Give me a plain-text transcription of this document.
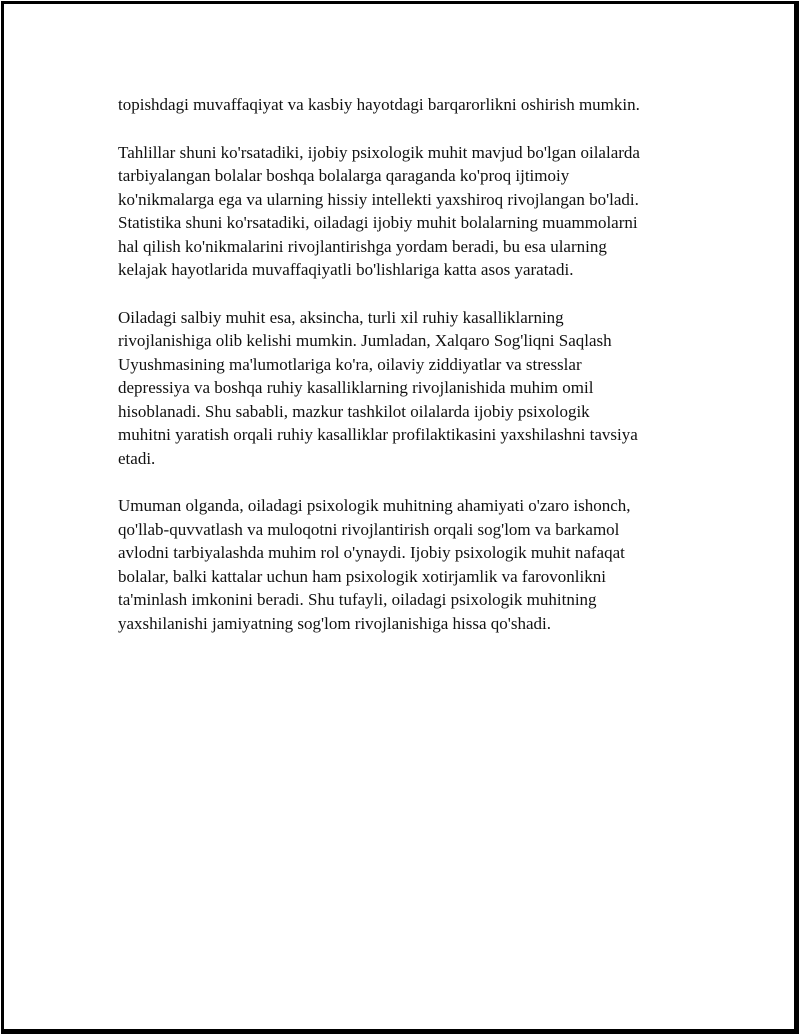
topishdagi muvaffaqiyat va kasbiy hayotdagi barqarorlikni oshirish mumkin.

Tahlillar shuni ko'rsatadiki, ijobiy psixologik muhit mavjud bo'lgan oilalarda
tarbiyalangan bolalar boshqa bolalarga qaraganda ko'proq ijtimoiy
ko'nikmalarga ega va ularning hissiy intellekti yaxshiroq rivojlangan bo'ladi.
Statistika shuni ko'rsatadiki, oiladagi ijobiy muhit bolalarning muammolarni
hal qilish ko'nikmalarini rivojlantirishga yordam beradi, bu esa ularning
kelajak hayotlarida muvaffaqiyatli bo'lishlariga katta asos yaratadi.

Oiladagi salbiy muhit esa, aksincha, turli xil ruhiy kasalliklarning
rivojlanishiga olib kelishi mumkin. Jumladan, Xalqaro Sog'liqni Saqlash
Uyushmasining ma'lumotlariga ko'ra, oilaviy ziddiyatlar va stresslar
depressiya va boshqa ruhiy kasalliklarning rivojlanishida muhim omil
hisoblanadi. Shu sababli, mazkur tashkilot oilalarda ijobiy psixologik
muhitni yaratish orqali ruhiy kasalliklar profilaktikasini yaxshilashni tavsiya
etadi.

Umuman olganda, oiladagi psixologik muhitning ahamiyati o'zaro ishonch,
qo'llab-quvvatlash va muloqotni rivojlantirish orqali sog'lom va barkamol
avlodni tarbiyalashda muhim rol o'ynaydi. Ijobiy psixologik muhit nafaqat
bolalar, balki kattalar uchun ham psixologik xotirjamlik va farovonlikni
ta'minlash imkonini beradi. Shu tufayli, oiladagi psixologik muhitning
yaxshilanishi jamiyatning sog'lom rivojlanishiga hissa qo'shadi.
